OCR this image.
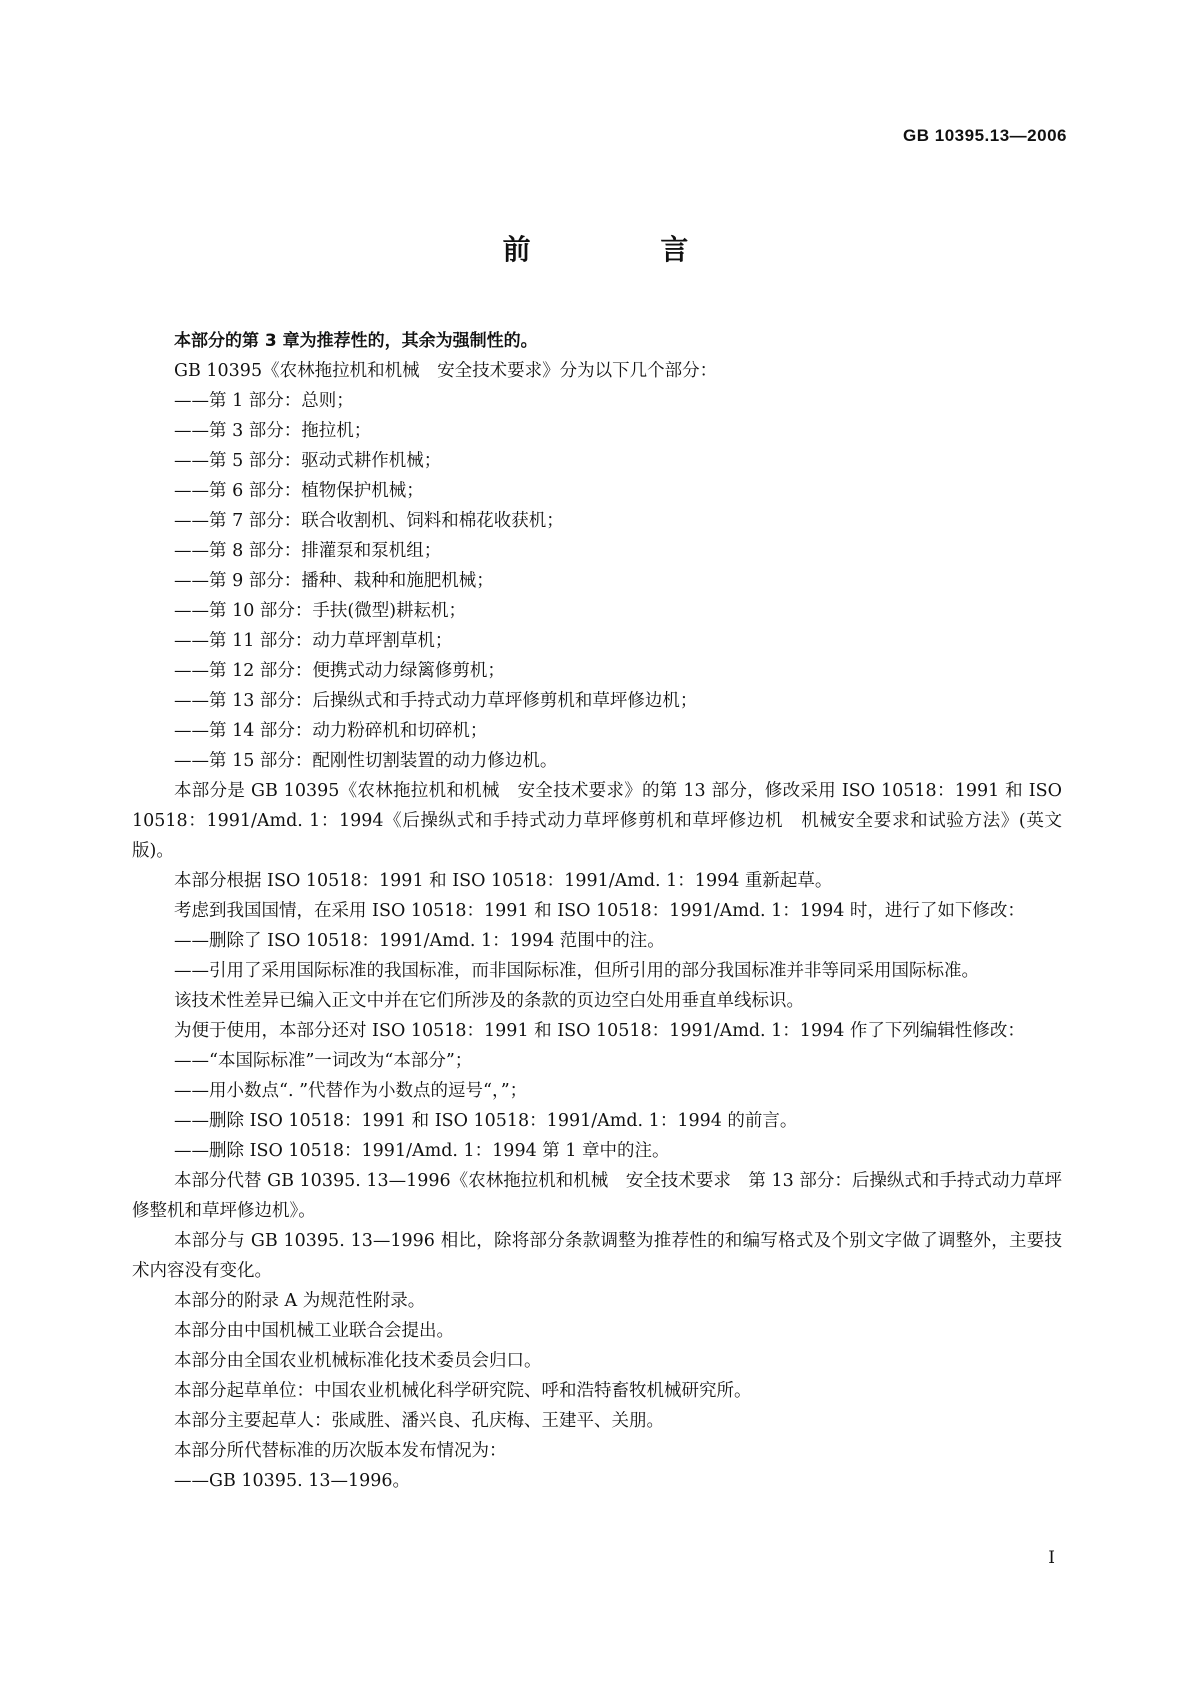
GB 10395.13—2006
前 言
本部分的第 3 章为推荐性的，其余为强制性的。
GB 10395《农林拖拉机和机械　安全技术要求》分为以下几个部分：
——第 1 部分：总则；
——第 3 部分：拖拉机；
——第 5 部分：驱动式耕作机械；
——第 6 部分：植物保护机械；
——第 7 部分：联合收割机、饲料和棉花收获机；
——第 8 部分：排灌泵和泵机组；
——第 9 部分：播种、栽种和施肥机械；
——第 10 部分：手扶(微型)耕耘机；
——第 11 部分：动力草坪割草机；
——第 12 部分：便携式动力绿篱修剪机；
——第 13 部分：后操纵式和手持式动力草坪修剪机和草坪修边机；
——第 14 部分：动力粉碎机和切碎机；
——第 15 部分：配刚性切割装置的动力修边机。
本部分是 GB 10395《农林拖拉机和机械　安全技术要求》的第 13 部分，修改采用 ISO 10518：1991 和 ISO 10518：1991/Amd. 1：1994《后操纵式和手持式动力草坪修剪机和草坪修边机　机械安全要求和试验方法》(英文版)。
本部分根据 ISO 10518：1991 和 ISO 10518：1991/Amd. 1：1994 重新起草。
考虑到我国国情，在采用 ISO 10518：1991 和 ISO 10518：1991/Amd. 1：1994 时，进行了如下修改：
——删除了 ISO 10518：1991/Amd. 1：1994 范围中的注。
——引用了采用国际标准的我国标准，而非国际标准，但所引用的部分我国标准并非等同采用国际标准。
该技术性差异已编入正文中并在它们所涉及的条款的页边空白处用垂直单线标识。
为便于使用，本部分还对 ISO 10518：1991 和 ISO 10518：1991/Amd. 1：1994 作了下列编辑性修改：
——“本国际标准”一词改为“本部分”；
——用小数点“. ”代替作为小数点的逗号“，”；
——删除 ISO 10518：1991 和 ISO 10518：1991/Amd. 1：1994 的前言。
——删除 ISO 10518：1991/Amd. 1：1994 第 1 章中的注。
本部分代替 GB 10395. 13—1996《农林拖拉机和机械　安全技术要求　第 13 部分：后操纵式和手持式动力草坪修整机和草坪修边机》。
本部分与 GB 10395. 13—1996 相比，除将部分条款调整为推荐性的和编写格式及个别文字做了调整外，主要技术内容没有变化。
本部分的附录 A 为规范性附录。
本部分由中国机械工业联合会提出。
本部分由全国农业机械标准化技术委员会归口。
本部分起草单位：中国农业机械化科学研究院、呼和浩特畜牧机械研究所。
本部分主要起草人：张咸胜、潘兴良、孔庆梅、王建平、关朋。
本部分所代替标准的历次版本发布情况为：
——GB 10395. 13—1996。
I
